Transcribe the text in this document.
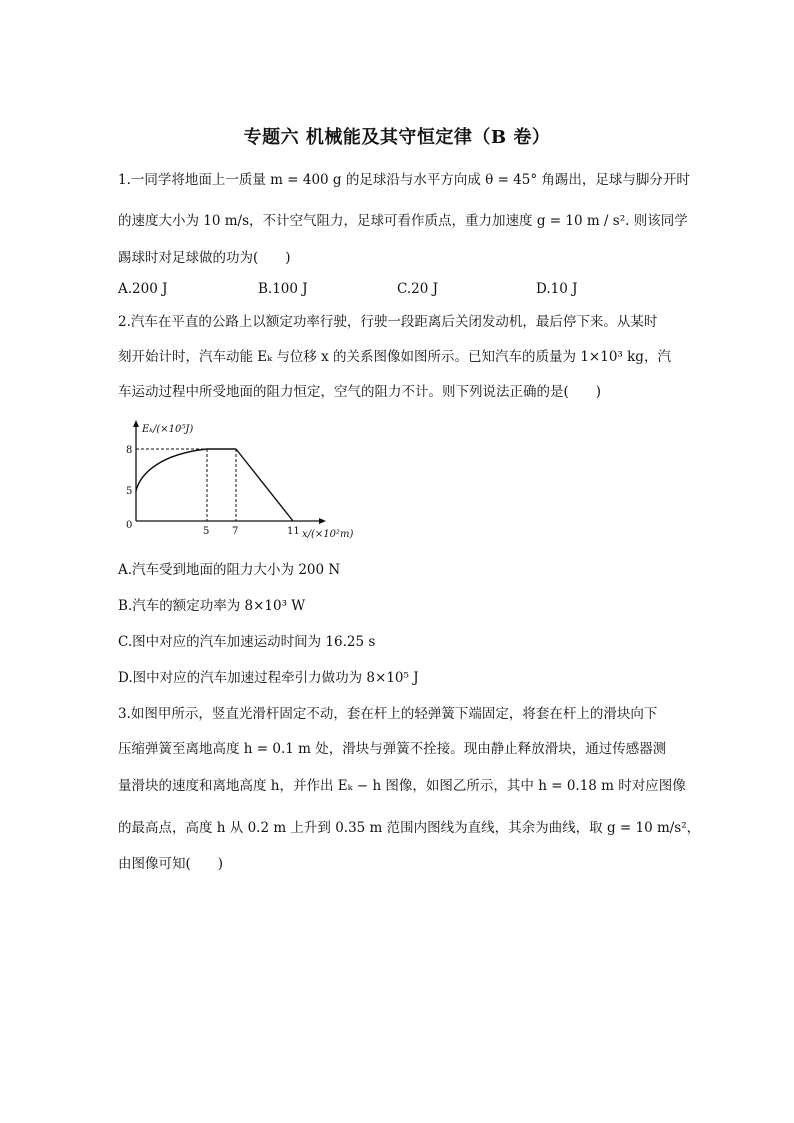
专题六 机械能及其守恒定律（B 卷）
1.一同学将地面上一质量 m = 400 g 的足球沿与水平方向成 θ = 45° 角踢出，足球与脚分开时
的速度大小为 10 m/s，不计空气阻力，足球可看作质点，重力加速度 g = 10 m / s². 则该同学
踢球时对足球做的功为(　　)
A.200 J	B.100 J	C.20 J	D.10 J
2.汽车在平直的公路上以额定功率行驶，行驶一段距离后关闭发动机，最后停下来。从某时
刻开始计时，汽车动能 Eₖ 与位移 x 的关系图像如图所示。已知汽车的质量为 1×10³ kg，汽
车运动过程中所受地面的阻力恒定，空气的阻力不计。则下列说法正确的是(　　)
Eₖ/(×10⁵J)
8
5
0
5 7	11 x/(×10²m)
A.汽车受到地面的阻力大小为 200 N
B.汽车的额定功率为 8×10³ W
C.图中对应的汽车加速运动时间为 16.25 s
D.图中对应的汽车加速过程牵引力做功为 8×10⁵ J
3.如图甲所示，竖直光滑杆固定不动，套在杆上的轻弹簧下端固定，将套在杆上的滑块向下
压缩弹簧至离地高度 h = 0.1 m 处，滑块与弹簧不拴接。现由静止释放滑块，通过传感器测
量滑块的速度和离地高度 h，并作出 Eₖ − h 图像，如图乙所示，其中 h = 0.18 m 时对应图像
的最高点，高度 h 从 0.2 m 上升到 0.35 m 范围内图线为直线，其余为曲线，取 g = 10 m/s²，
由图像可知(　　)
